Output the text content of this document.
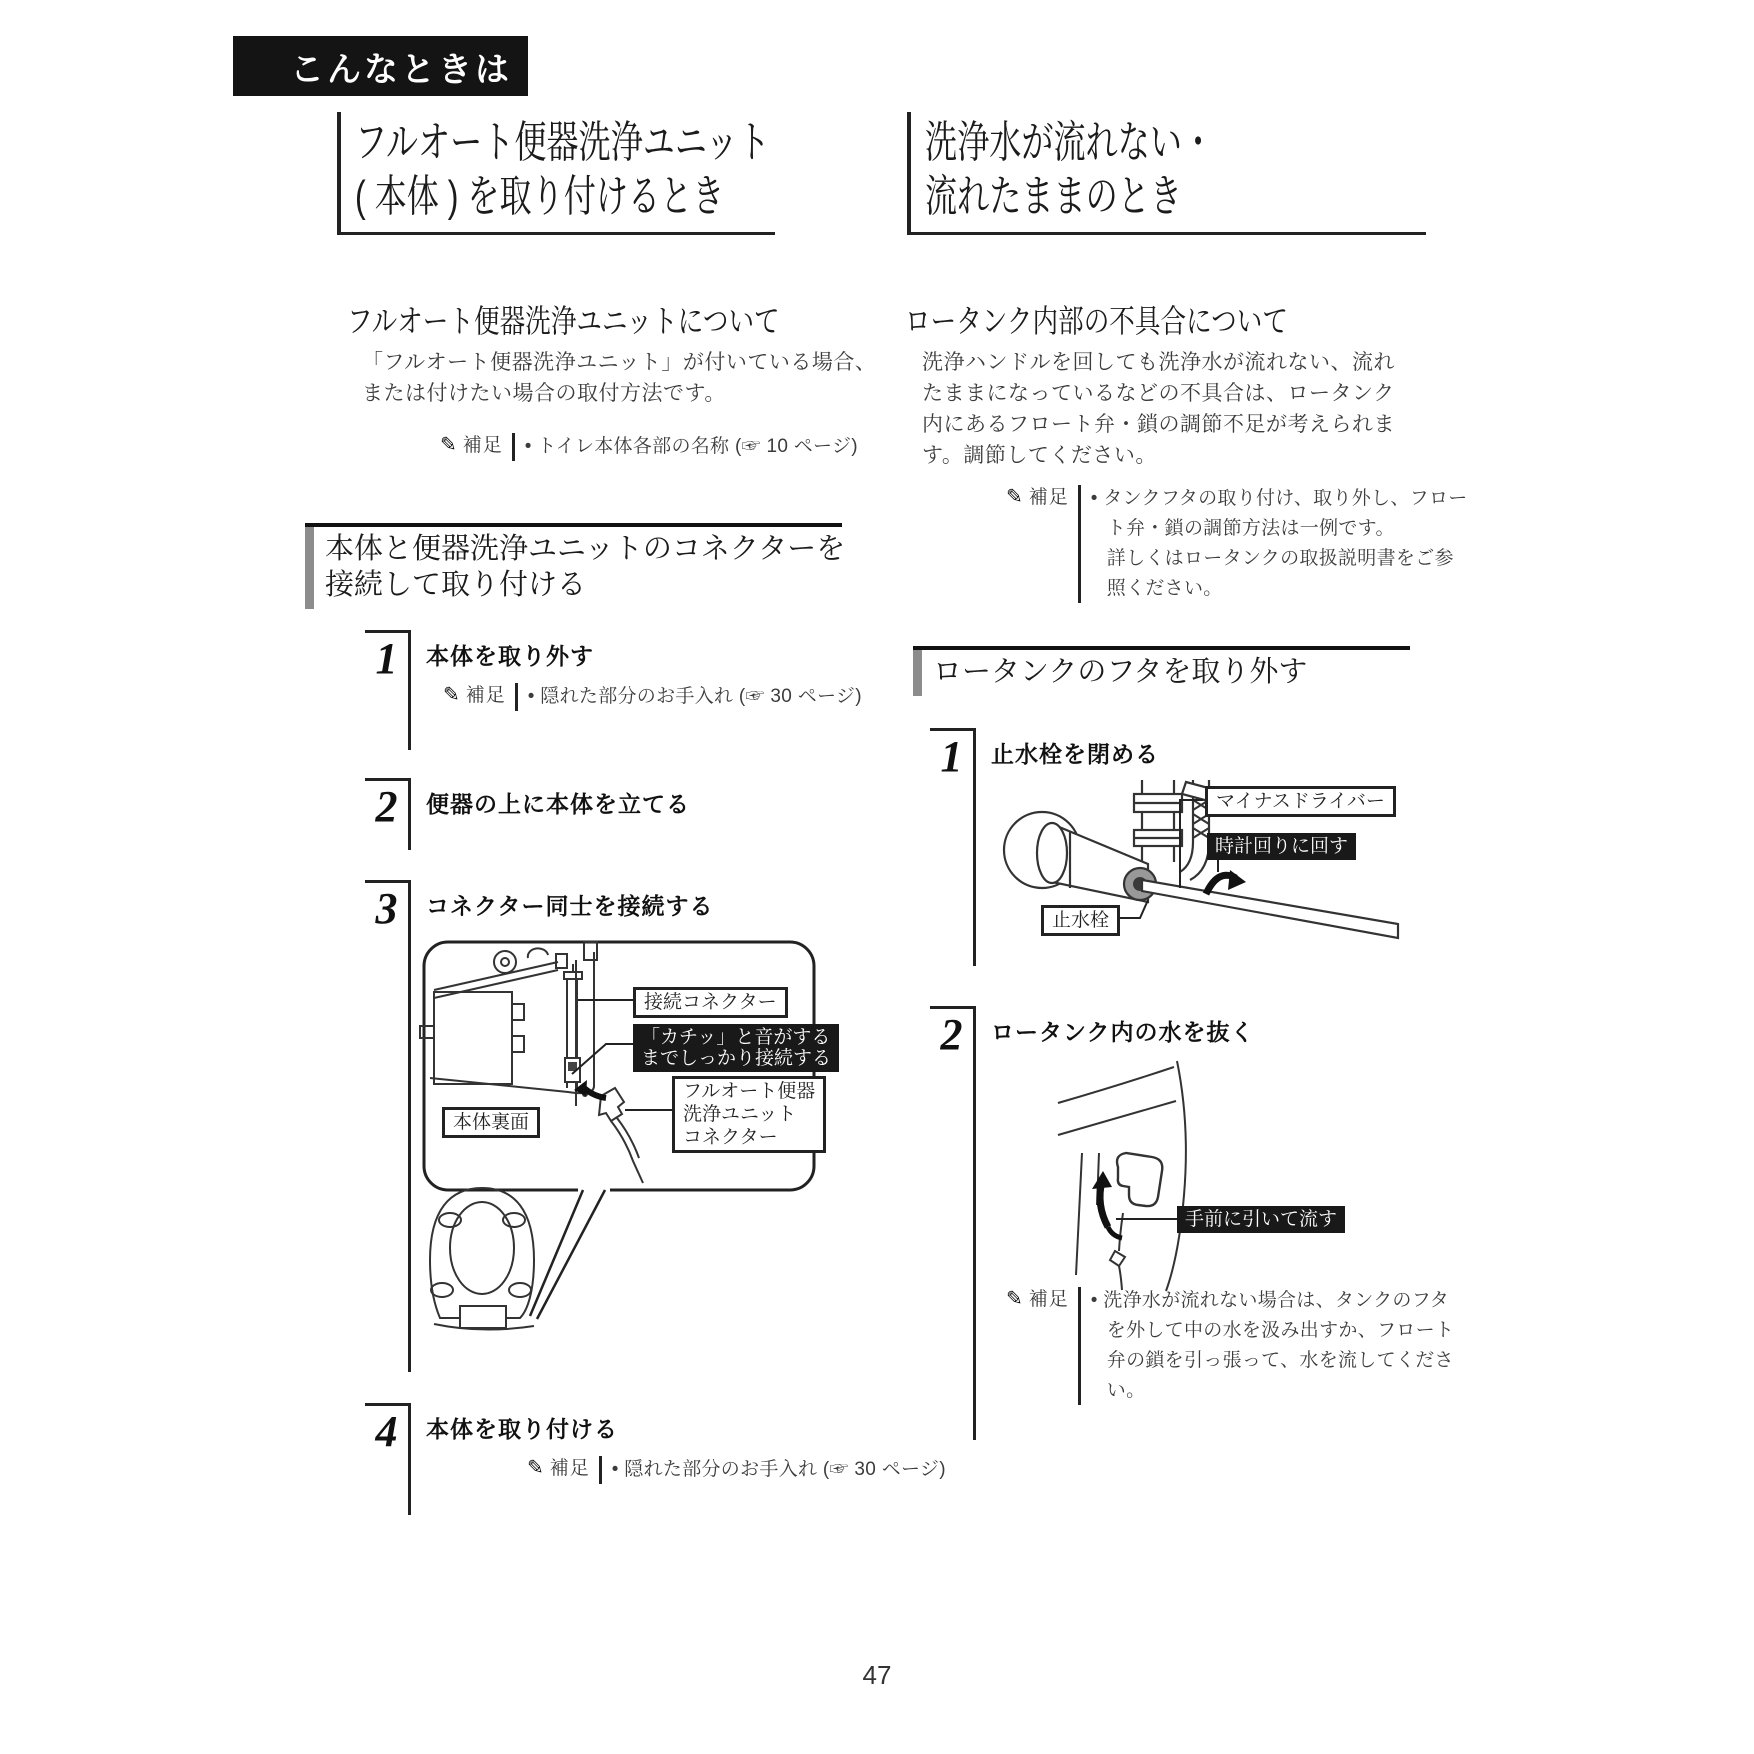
こんなときは
フルオート便器洗浄ユニット
( 本体 ) を取り付けるとき
フルオート便器洗浄ユニットについて
「フルオート便器洗浄ユニット」が付いている場合、
または付けたい場合の取付方法です。
✎ 補足 • トイレ本体各部の名称 (☞ 10 ページ)
本体と便器洗浄ユニットのコネクターを
接続して取り付ける
1	本体を取り外す
✎ 補足 • 隠れた部分のお手入れ (☞ 30 ページ)
2	便器の上に本体を立てる
3	コネクター同士を接続する
接続コネクター
「カチッ」と音がする
までしっかり接続する
フルオート便器
洗浄ユニット
コネクター
本体裏面
4	本体を取り付ける
✎ 補足 • 隠れた部分のお手入れ (☞ 30 ページ)
洗浄水が流れない・
流れたままのとき
ロータンク内部の不具合について
洗浄ハンドルを回しても洗浄水が流れない、流れ
たままになっているなどの不具合は、ロータンク
内にあるフロート弁・鎖の調節不足が考えられま
す。調節してください。
✎ 補足 • タンクフタの取り付け、取り外し、フロー
ト弁・鎖の調節方法は一例です。
詳しくはロータンクの取扱説明書をご参
照ください。
ロータンクのフタを取り外す
1	止水栓を閉める
マイナスドライバー
時計回りに回す
止水栓
2	ロータンク内の水を抜く
手前に引いて流す
✎ 補足 • 洗浄水が流れない場合は、タンクのフタ
を外して中の水を汲み出すか、フロート
弁の鎖を引っ張って、水を流してくださ
い。
47
